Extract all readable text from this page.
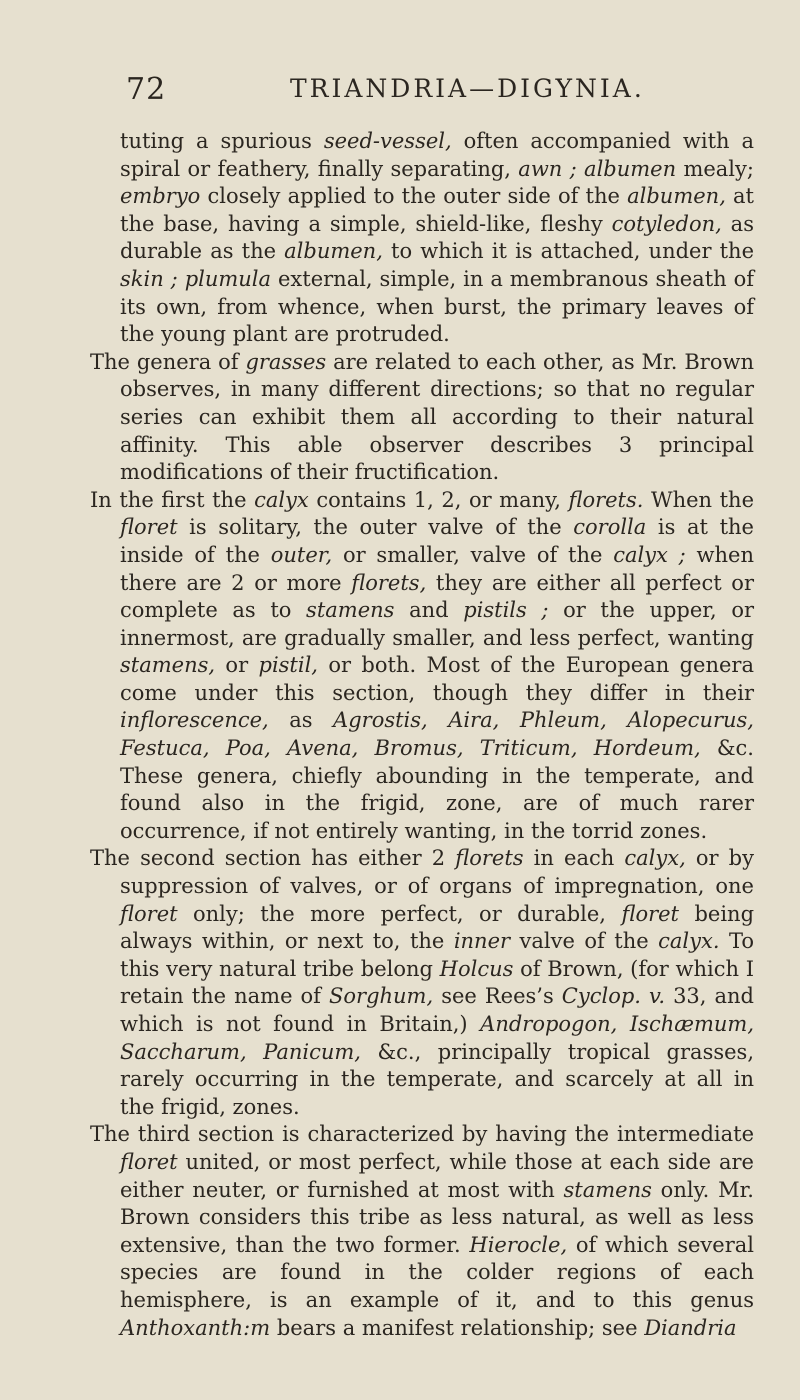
72	TRIANDRIA—DIGYNIA.

tuting a spurious seed-vessel, often accompanied with a spiral or feathery, finally separating, awn ; albumen mealy; embryo closely applied to the outer side of the albumen, at the base, having a simple, shield-like, fleshy cotyledon, as durable as the albumen, to which it is attached, under the skin ; plumula external, simple, in a membranous sheath of its own, from whence, when burst, the primary leaves of the young plant are protruded.

The genera of grasses are related to each other, as Mr. Brown observes, in many different directions; so that no regular series can exhibit them all according to their natural affinity. This able observer describes 3 principal modifications of their fructification.

In the first the calyx contains 1, 2, or many, florets. When the floret is solitary, the outer valve of the corolla is at the inside of the outer, or smaller, valve of the calyx ; when there are 2 or more florets, they are either all perfect or complete as to stamens and pistils ; or the upper, or innermost, are gradually smaller, and less perfect, wanting stamens, or pistil, or both. Most of the European genera come under this section, though they differ in their inflorescence, as Agrostis, Aira, Phleum, Alopecurus, Festuca, Poa, Avena, Bromus, Triticum, Hordeum, &c. These genera, chiefly abounding in the temperate, and found also in the frigid, zone, are of much rarer occurrence, if not entirely wanting, in the torrid zones.

The second section has either 2 florets in each calyx, or by suppression of valves, or of organs of impregnation, one floret only; the more perfect, or durable, floret being always within, or next to, the inner valve of the calyx. To this very natural tribe belong Holcus of Brown, (for which I retain the name of Sorghum, see Rees’s Cyclop. v. 33, and which is not found in Britain,) Andropogon, Ischæmum, Saccharum, Panicum, &c., principally tropical grasses, rarely occurring in the temperate, and scarcely at all in the frigid, zones.

The third section is characterized by having the intermediate floret united, or most perfect, while those at each side are either neuter, or furnished at most with stamens only. Mr. Brown considers this tribe as less natural, as well as less extensive, than the two former. Hierocle, of which several species are found in the colder regions of each hemisphere, is an example of it, and to this genus Anthoxanth:m bears a manifest relationship; see Diandria
